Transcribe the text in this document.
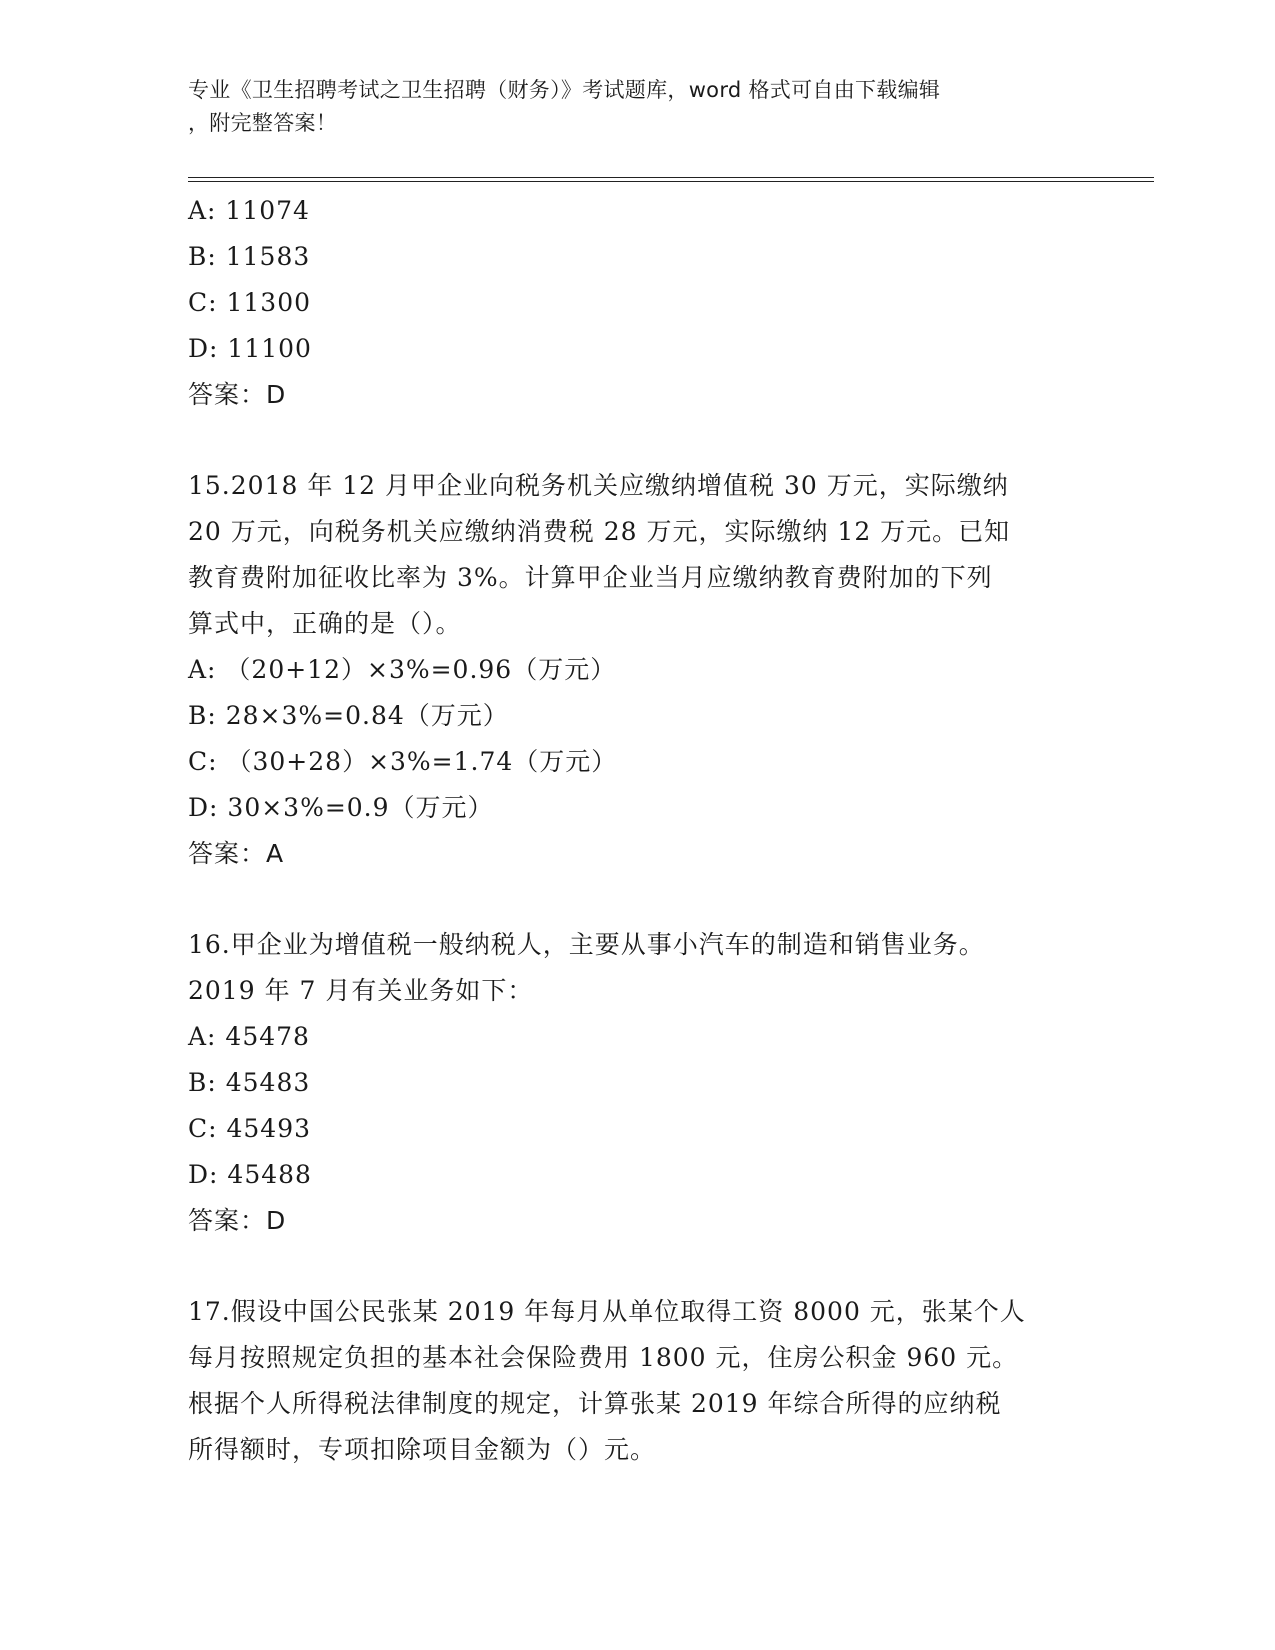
专业《卫生招聘考试之卫生招聘（财务）》考试题库，word 格式可自由下载编辑
，附完整答案！
A: 11074
B: 11583
C: 11300
D: 11100
答案：D
15.2018 年 12 月甲企业向税务机关应缴纳增值税 30 万元，实际缴纳
20 万元，向税务机关应缴纳消费税 28 万元，实际缴纳 12 万元。已知
教育费附加征收比率为 3%。计算甲企业当月应缴纳教育费附加的下列
算式中，正确的是（）。
A: （20+12）×3%=0.96（万元）
B: 28×3%=0.84（万元）
C: （30+28）×3%=1.74（万元）
D: 30×3%=0.9（万元）
答案：A
16.甲企业为增值税一般纳税人，主要从事小汽车的制造和销售业务。
2019 年 7 月有关业务如下：
A: 45478
B: 45483
C: 45493
D: 45488
答案：D
17.假设中国公民张某 2019 年每月从单位取得工资 8000 元，张某个人
每月按照规定负担的基本社会保险费用 1800 元，住房公积金 960 元。
根据个人所得税法律制度的规定，计算张某 2019 年综合所得的应纳税
所得额时，专项扣除项目金额为（）元。
